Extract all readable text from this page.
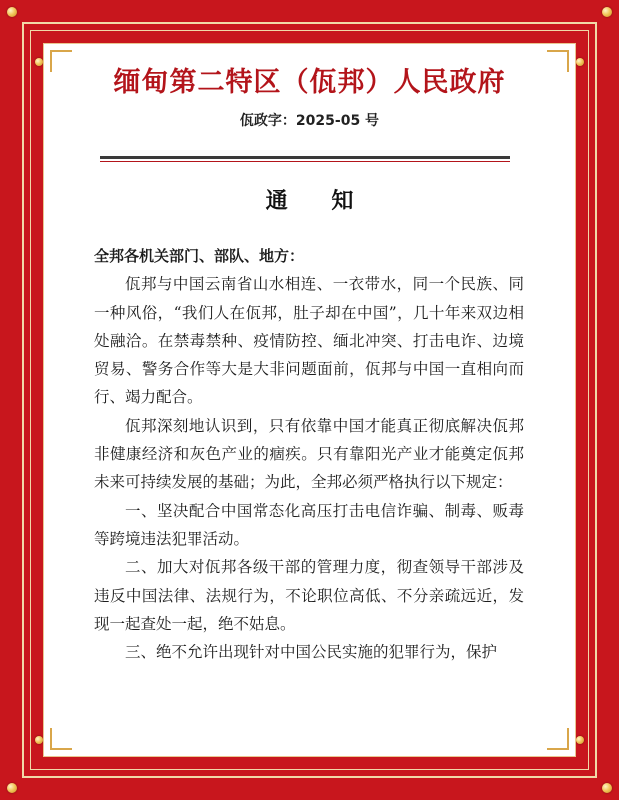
缅甸第二特区（佤邦）人民政府
佤政字：2025-05 号
通 知

全邦各机关部门、部队、地方：

佤邦与中国云南省山水相连、一衣带水，同一个民族、同一种风俗，“我们人在佤邦，肚子却在中国”，几十年来双边相处融洽。在禁毒禁种、疫情防控、缅北冲突、打击电诈、边境贸易、警务合作等大是大非问题面前，佤邦与中国一直相向而行、竭力配合。

佤邦深刻地认识到，只有依靠中国才能真正彻底解决佤邦非健康经济和灰色产业的痼疾。只有靠阳光产业才能奠定佤邦未来可持续发展的基础；为此，全邦必须严格执行以下规定：

一、坚决配合中国常态化高压打击电信诈骗、制毒、贩毒等跨境违法犯罪活动。

二、加大对佤邦各级干部的管理力度，彻查领导干部涉及违反中国法律、法规行为，不论职位高低、不分亲疏远近，发现一起查处一起，绝不姑息。

三、绝不允许出现针对中国公民实施的犯罪行为，保护
